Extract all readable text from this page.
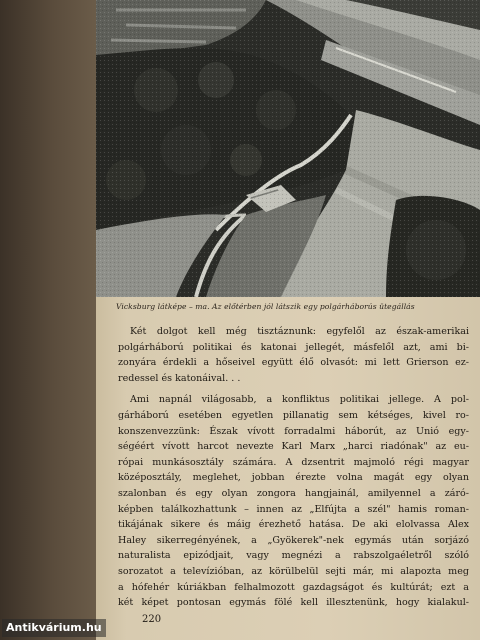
Vicksburg látképe – ma. Az előtérben jól látszik egy polgárháborús ütegállás

Két dolgot kell még tisztáznunk: egyfelől az észak-amerikai
polgárháború politikai és katonai jellegét, másfelől azt, ami bi-
zonyára érdekli a hőseivel együtt élő olvasót: mi lett Grierson ez-
redessel és katonáival. . .

Ami napnál világosabb, a konfliktus politikai jellege. A pol-
gárháború esetében egyetlen pillanatig sem kétséges, kivel ro-
konszenvezzünk: Észak vívott forradalmi háborút, az Unió egy-
ségéért vívott harcot nevezte Karl Marx „harci riadónak" az eu-
rópai munkásosztály számára. A dzsentrit majmoló régi magyar
középosztály, meglehet, jobban érezte volna magát egy olyan
szalonban és egy olyan zongora hangjainál, amilyennel a záró-
képben találkozhattunk – innen az „Elfújta a szél" hamis roman-
tikájának sikere és máig érezhető hatása. De aki elolvassa Alex
Haley sikerregényének, a „Gyökerek"-nek egymás után sorjázó
naturalista epizódjait, vagy megnézi a rabszolgaéletről szóló
sorozatot a televízióban, az körülbelül sejti már, mi alapozta meg
a hófehér kúriákban felhalmozott gazdagságot és kultúrát; ezt a
két képet pontosan egymás fölé kell illesztenünk, hogy kialakul-

220
Antikvárium.hu
